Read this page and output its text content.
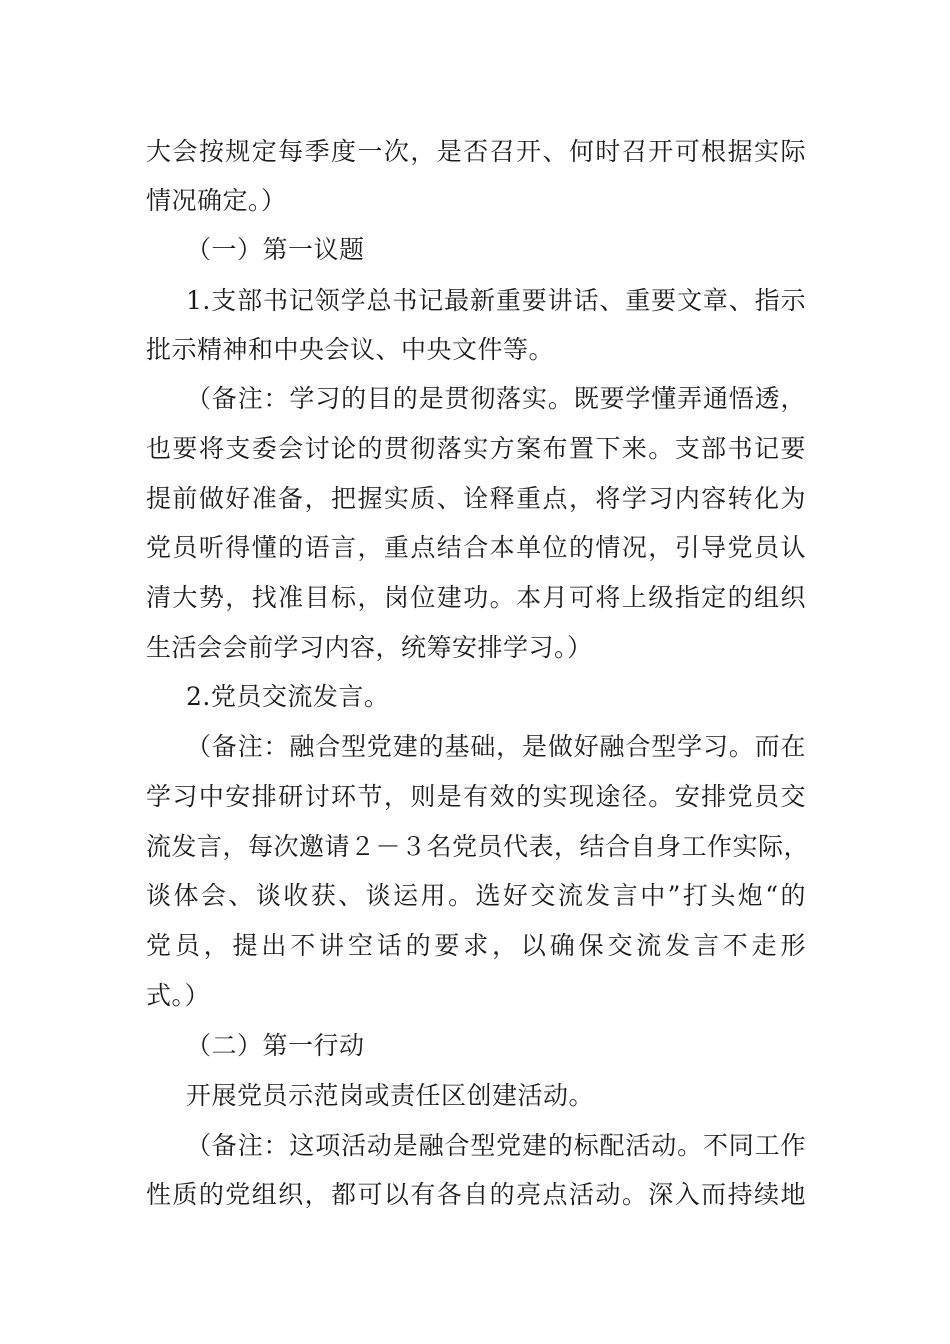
大会按规定每季度一次，是否召开、何时召开可根据实际
情况确定。）
（一）第一议题
1.支部书记领学总书记最新重要讲话、重要文章、指示
批示精神和中央会议、中央文件等。
（备注：学习的目的是贯彻落实。既要学懂弄通悟透，
也要将支委会讨论的贯彻落实方案布置下来。支部书记要
提前做好准备，把握实质、诠释重点，将学习内容转化为
党员听得懂的语言，重点结合本单位的情况，引导党员认
清大势，找准目标，岗位建功。本月可将上级指定的组织
生活会会前学习内容，统筹安排学习。）
2.党员交流发言。
（备注：融合型党建的基础，是做好融合型学习。而在
学习中安排研讨环节，则是有效的实现途径。安排党员交
流发言，每次邀请２－３名党员代表，结合自身工作实际，
谈体会、谈收获、谈运用。选好交流发言中”打头炮“的
党员，提出不讲空话的要求，以确保交流发言不走形
式。）
（二）第一行动
开展党员示范岗或责任区创建活动。
（备注：这项活动是融合型党建的标配活动。不同工作
性质的党组织，都可以有各自的亮点活动。深入而持续地
